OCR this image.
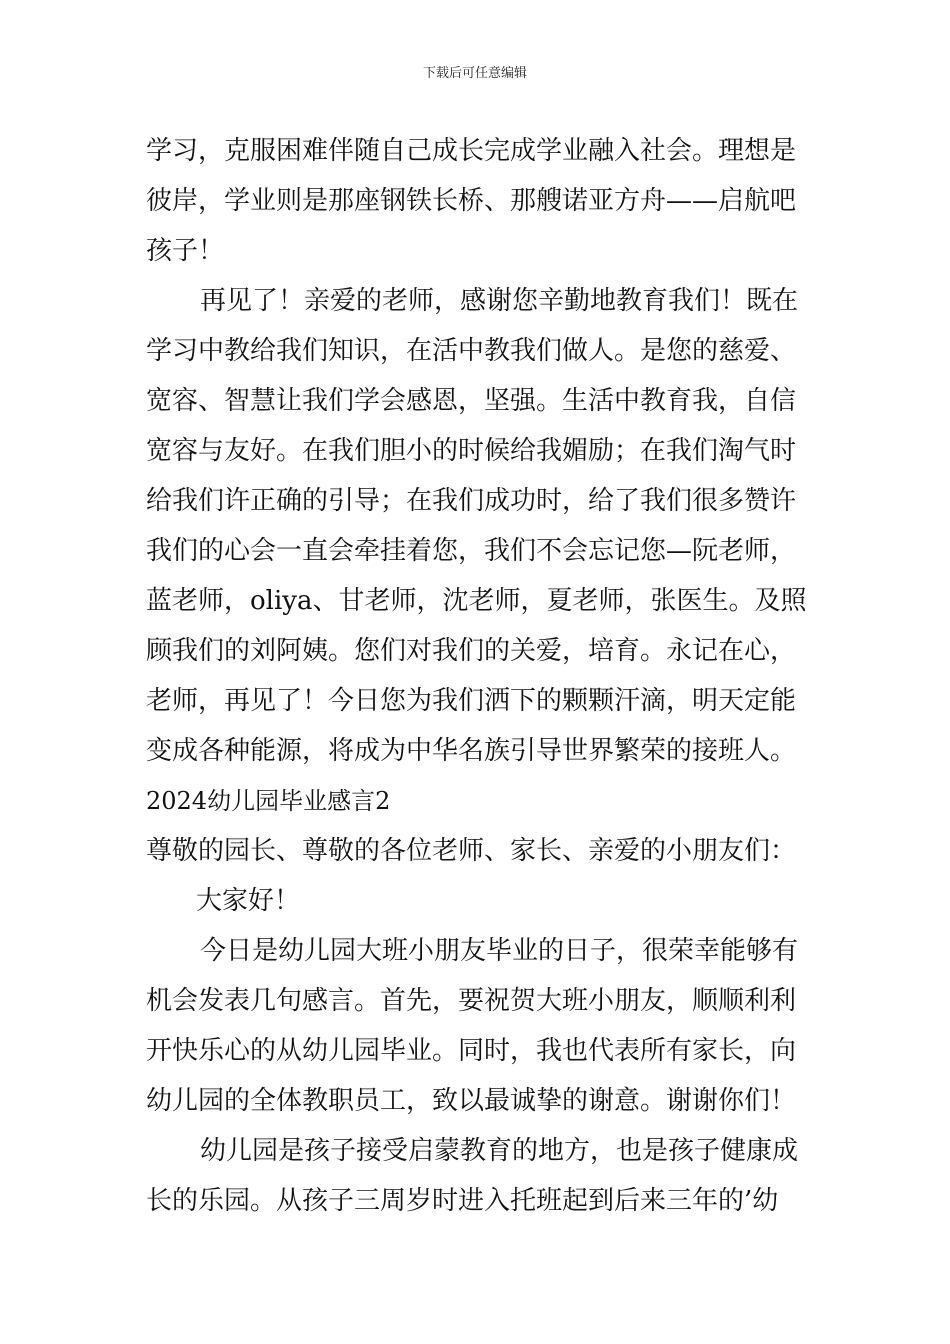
下载后可任意编辑
学习，克服困难伴随自己成长完成学业融入社会。理想是
彼岸，学业则是那座钢铁长桥、那艘诺亚方舟——启航吧
孩子！
再见了！亲爱的老师，感谢您辛勤地教育我们！既在
学习中教给我们知识，在活中教我们做人。是您的慈爱、
宽容、智慧让我们学会感恩，坚强。生活中教育我，自信
宽容与友好。在我们胆小的时候给我媚励；在我们淘气时
给我们许正确的引导；在我们成功时，给了我们很多赞许
我们的心会一直会牵挂着您，我们不会忘记您—阮老师，
蓝老师，oliya、甘老师，沈老师，夏老师，张医生。及照
顾我们的刘阿姨。您们对我们的关爱，培育。永记在心，
老师，再见了！今日您为我们洒下的颗颗汗滴，明天定能
变成各种能源，将成为中华名族引导世界繁荣的接班人。
2024幼儿园毕业感言2
尊敬的园长、尊敬的各位老师、家长、亲爱的小朋友们：
大家好！
今日是幼儿园大班小朋友毕业的日子，很荣幸能够有
机会发表几句感言。首先，要祝贺大班小朋友，顺顺利利
开快乐心的从幼儿园毕业。同时，我也代表所有家长，向
幼儿园的全体教职员工，致以最诚挚的谢意。谢谢你们！
幼儿园是孩子接受启蒙教育的地方，也是孩子健康成
长的乐园。从孩子三周岁时进入托班起到后来三年的’幼
